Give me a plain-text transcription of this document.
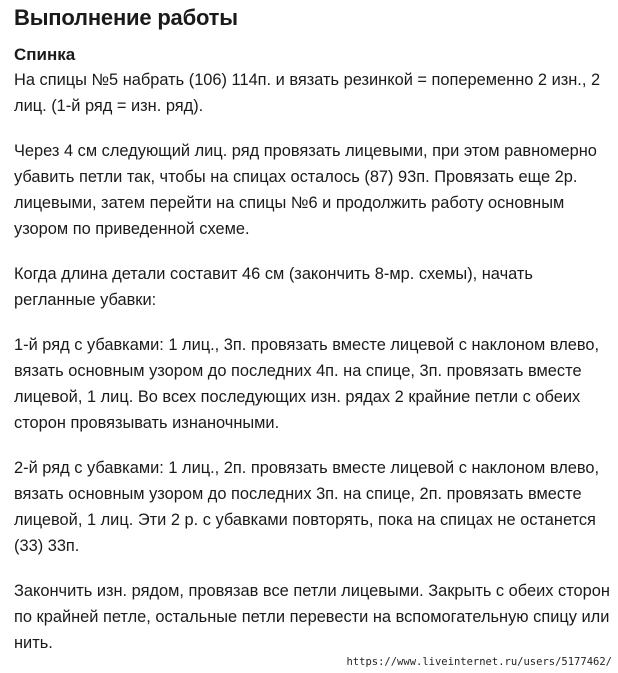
Выполнение работы
Спинка

На спицы №5 набрать (106) 114п. и вязать резинкой = попеременно 2 изн., 2 лиц. (1-й ряд = изн. ряд).

Через 4 см следующий лиц. ряд провязать лицевыми, при этом равномерно убавить петли так, чтобы на спицах осталось (87) 93п. Провязать еще 2р. лицевыми, затем перейти на спицы №6 и продолжить работу основным узором по приведенной схеме.

Когда длина детали составит 46 см (закончить 8-мр. схемы), начать регланные убавки:

1-й ряд с убавками: 1 лиц., 3п. провязать вместе лицевой с наклоном влево, вязать основным узором до последних 4п. на спице, 3п. провязать вместе лицевой, 1 лиц. Во всех последующих изн. рядах 2 крайние петли с обеих сторон провязывать изнаночными.

2-й ряд с убавками: 1 лиц., 2п. провязать вместе лицевой с наклоном влево, вязать основным узором до последних 3п. на спице, 2п. провязать вместе лицевой, 1 лиц. Эти 2 р. с убавками повторять, пока на спицах не останется (33) 33п.

Закончить изн. рядом, провязав все петли лицевыми. Закрыть с обеих сторон по крайней петле, остальные петли перевести на вспомогательную спицу или нить.

https://www.liveinternet.ru/users/5177462/
